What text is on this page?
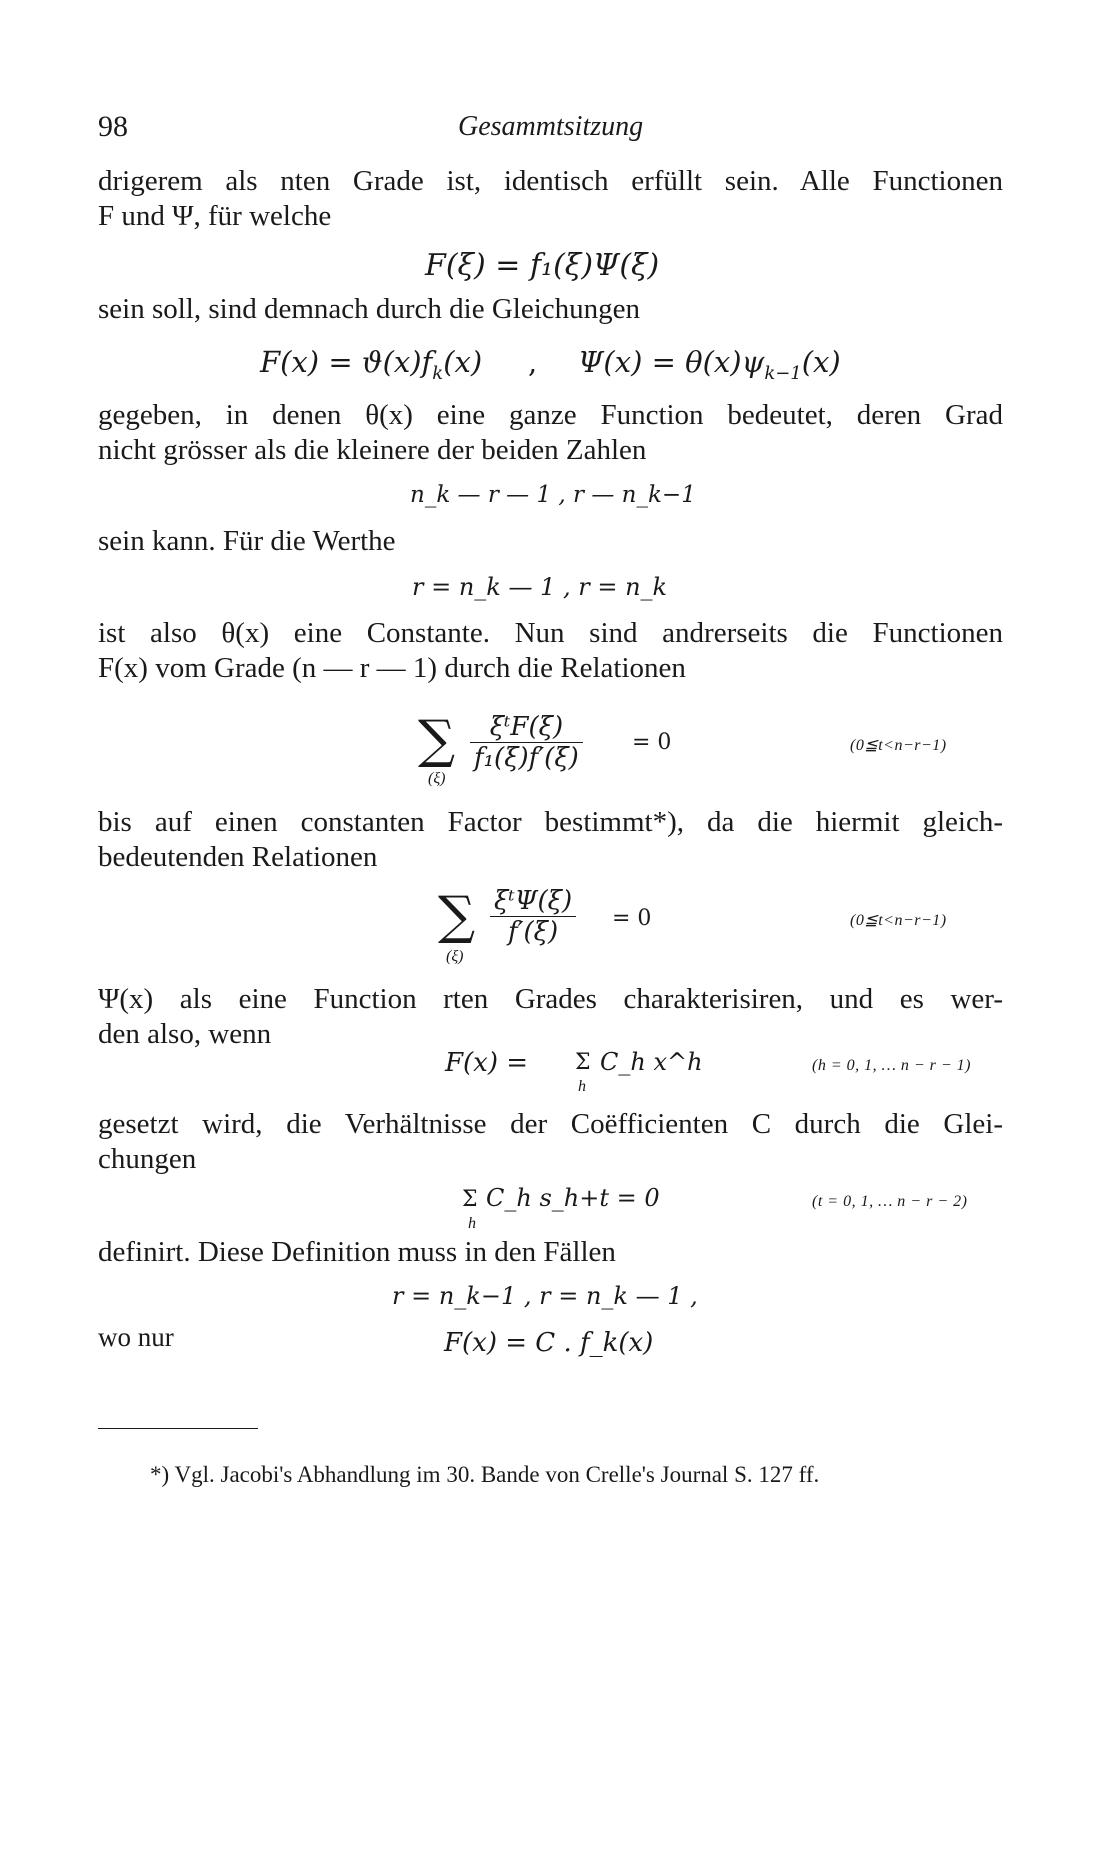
98	Gesammtsitzung
drigerem als nten Grade ist, identisch erfüllt sein. Alle Functionen
F und Ψ, für welche
F(ξ) = f₁(ξ)Ψ(ξ)
sein soll, sind demnach durch die Gleichungen
$F(x) = ϑ(x)f_k(x)$ , $\Psi(x) = \theta(x)\psi_{k-1}(x)$
gegeben, in denen θ(x) eine ganze Function bedeutet, deren Grad
nicht grösser als die kleinere der beiden Zahlen
n_k — r — 1 , r — n_k−1
sein kann. Für die Werthe
r = n_k — 1 , r = n_k
ist also θ(x) eine Constante. Nun sind andrerseits die Functionen
F(x) vom Grade (n — r — 1) durch die Relationen
∑
(ξ)
$\frac{\text{ξᵗF(ξ)}}{\text{f₁(ξ)f′(ξ)}} = 0$	(0≦t<n−r−1)
bis auf einen constanten Factor bestimmt*), da die hiermit gleich-
bedeutenden Relationen
∑
(ξ)
$\frac{\text{ξᵗΨ(ξ)}}{f'(\xi)} = 0$	(0≦t<n−r−1)
Ψ(x) als eine Function rten Grades charakterisiren, und es wer-
den also, wenn
F(x) = Σ
h
C_h x^h	(h = 0, 1, … n − r − 1)
gesetzt wird, die Verhältnisse der Coëfficienten C durch die Glei-
chungen
Σ
h
C_h s_h+t = 0	(t = 0, 1, … n − r − 2)
definirt. Diese Definition muss in den Fällen
r = n_k−1 , r = n_k — 1 ,
wo nur	F(x) = C . f_k(x)
*) Vgl. Jacobi's Abhandlung im 30. Bande von Crelle's Journal S. 127 ff.
